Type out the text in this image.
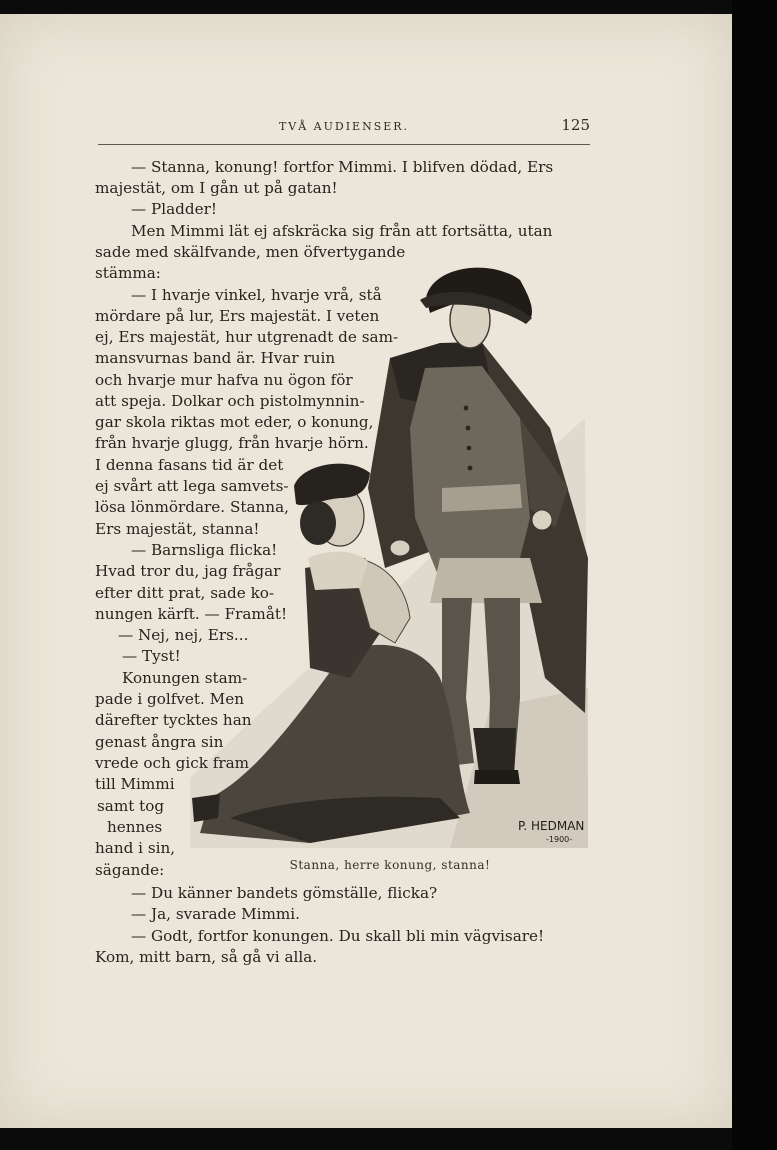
TVÅ AUDIENSER.	125
P. HEDMAN
-1900-
Stanna, herre konung, stanna!

— Stanna, konung! fortfor Mimmi. I blifven dödad, Ers

majestät, om I gån ut på gatan!

— Pladder!

Men Mimmi lät ej afskräcka sig från att fortsätta, utan

sade med skälfvande, men öfvertygande

stämma:

— I hvarje vinkel, hvarje vrå, stå

mördare på lur, Ers majestät. I veten

ej, Ers majestät, hur utgrenadt de sam-

mansvurnas band är. Hvar ruin

och hvarje mur hafva nu ögon för

att speja. Dolkar och pistolmynnin-

gar skola riktas mot eder, o konung,

från hvarje glugg, från hvarje hörn.

I denna fasans tid är det

ej svårt att lega samvets-

lösa lönmördare. Stanna,

Ers majestät, stanna!

— Barnsliga flicka!

Hvad tror du, jag frågar

efter ditt prat, sade ko-

nungen kärft. — Framåt!

— Nej, nej, Ers...

— Tyst!

Konungen stam-

pade i golfvet. Men

därefter tycktes han

genast ångra sin

vrede och gick fram

till Mimmi

samt tog

hennes

hand i sin,

sägande:

— Du känner bandets gömställe, flicka?

— Ja, svarade Mimmi.

— Godt, fortfor konungen. Du skall bli min vägvisare!

Kom, mitt barn, så gå vi alla.
